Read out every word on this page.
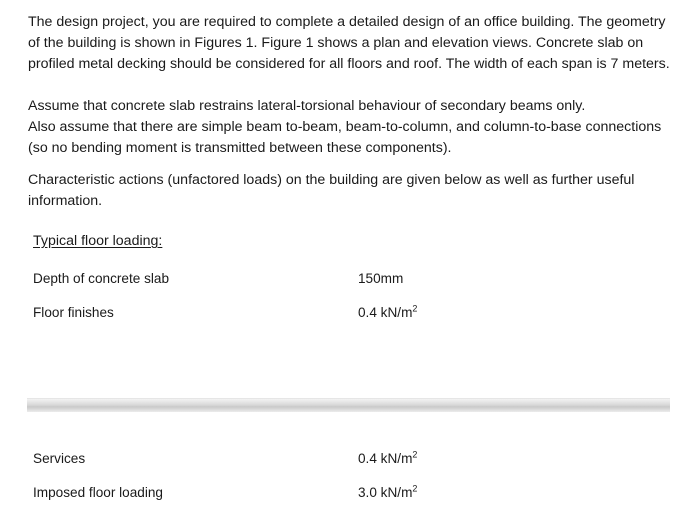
The design project, you are required to complete a detailed design of an office building. The geometry of the building is shown in Figures 1. Figure 1 shows a plan and elevation views. Concrete slab on profiled metal decking should be considered for all floors and roof. The width of each span is 7 meters.

Assume that concrete slab restrains lateral-torsional behaviour of secondary beams only.
Also assume that there are simple beam to-beam, beam-to-column, and column-to-base connections (so no bending moment is transmitted between these components).

Characteristic actions (unfactored loads) on the building are given below as well as further useful information.

Typical floor loading:
Depth of concrete slab	150mm
Floor finishes	0.4 $kN/m^2$
Services	0.4 $kN/m^2$
Imposed floor loading	3.0 $kN/m^2$
